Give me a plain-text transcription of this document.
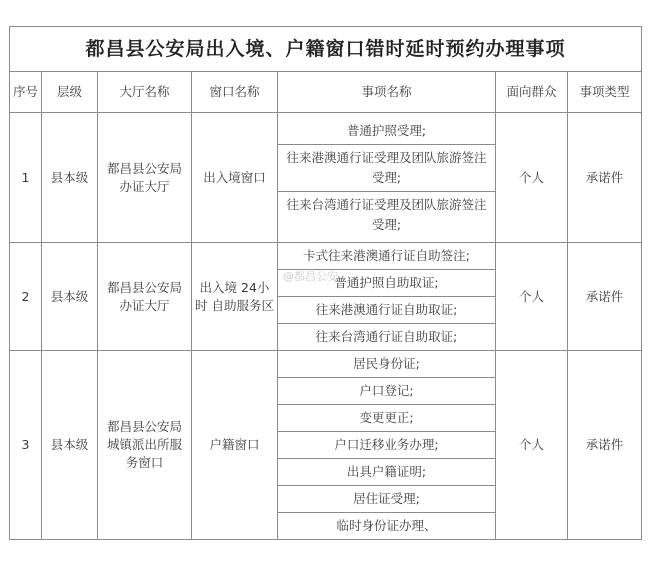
都昌县公安局出入境、户籍窗口错时延时预约办理事项
序号	层级	大厅名称	窗口名称	事项名称	面向群众	事项类型
1	县本级	都昌县公安局办证大厅	出入境窗口	
普通护照受理;
往来港澳通行证受理及团队旅游签注受理;
往来台湾通行证受理及团队旅游签注受理;
	个人	承诺件
2	县本级	都昌县公安局办证大厅	出入境 24小时 自助服务区	
卡式往来港澳通行证自助签注;
普通护照自助取证;
往来港澳通行证自助取证;
往来台湾通行证自助取证;
	个人	承诺件
3	县本级	都昌县公安局城镇派出所服务窗口	户籍窗口	
居民身份证;
户口登记;
变更更正;
户口迁移业务办理;
出具户籍证明;
居住证受理;
临时身份证办理、
	个人	承诺件
@都昌公安
